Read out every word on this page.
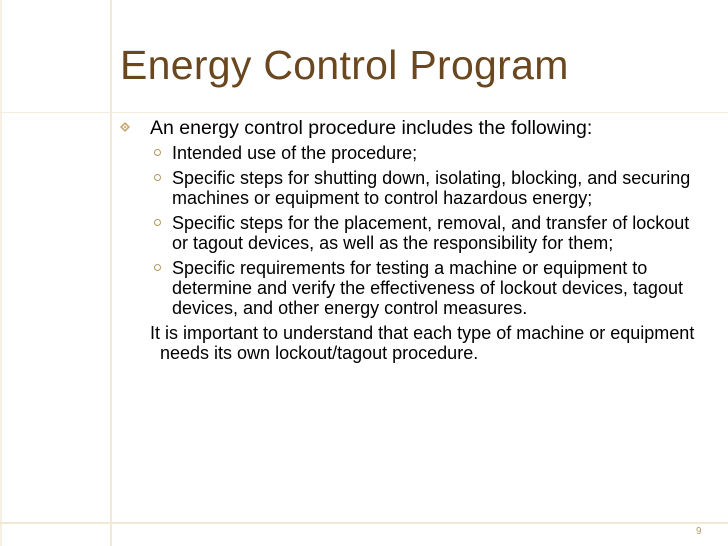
Energy Control Program
An energy control procedure includes the following:
Intended use of the procedure;
Specific steps for shutting down, isolating, blocking, and securing machines or equipment to control hazardous energy;
Specific steps for the placement, removal, and transfer of lockout or tagout devices, as well as the responsibility for them;
Specific requirements for testing a machine or equipment to determine and verify the effectiveness of lockout devices, tagout devices, and other energy control measures.
It is important to understand that each type of machine or equipment needs its own lockout/tagout procedure.
9
